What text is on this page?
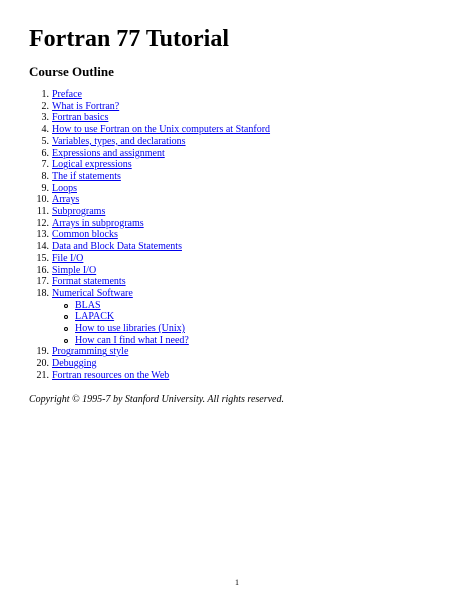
Fortran 77 Tutorial
Course Outline
1. Preface
2. What is Fortran?
3. Fortran basics
4. How to use Fortran on the Unix computers at Stanford
5. Variables, types, and declarations
6. Expressions and assignment
7. Logical expressions
8. The if statements
9. Loops
10. Arrays
11. Subprograms
12. Arrays in subprograms
13. Common blocks
14. Data and Block Data Statements
15. File I/O
16. Simple I/O
17. Format statements
18. Numerical Software
BLAS
LAPACK
How to use libraries (Unix)
How can I find what I need?
19. Programming style
20. Debugging
21. Fortran resources on the Web

Copyright © 1995-7 by Stanford University. All rights reserved.

1
